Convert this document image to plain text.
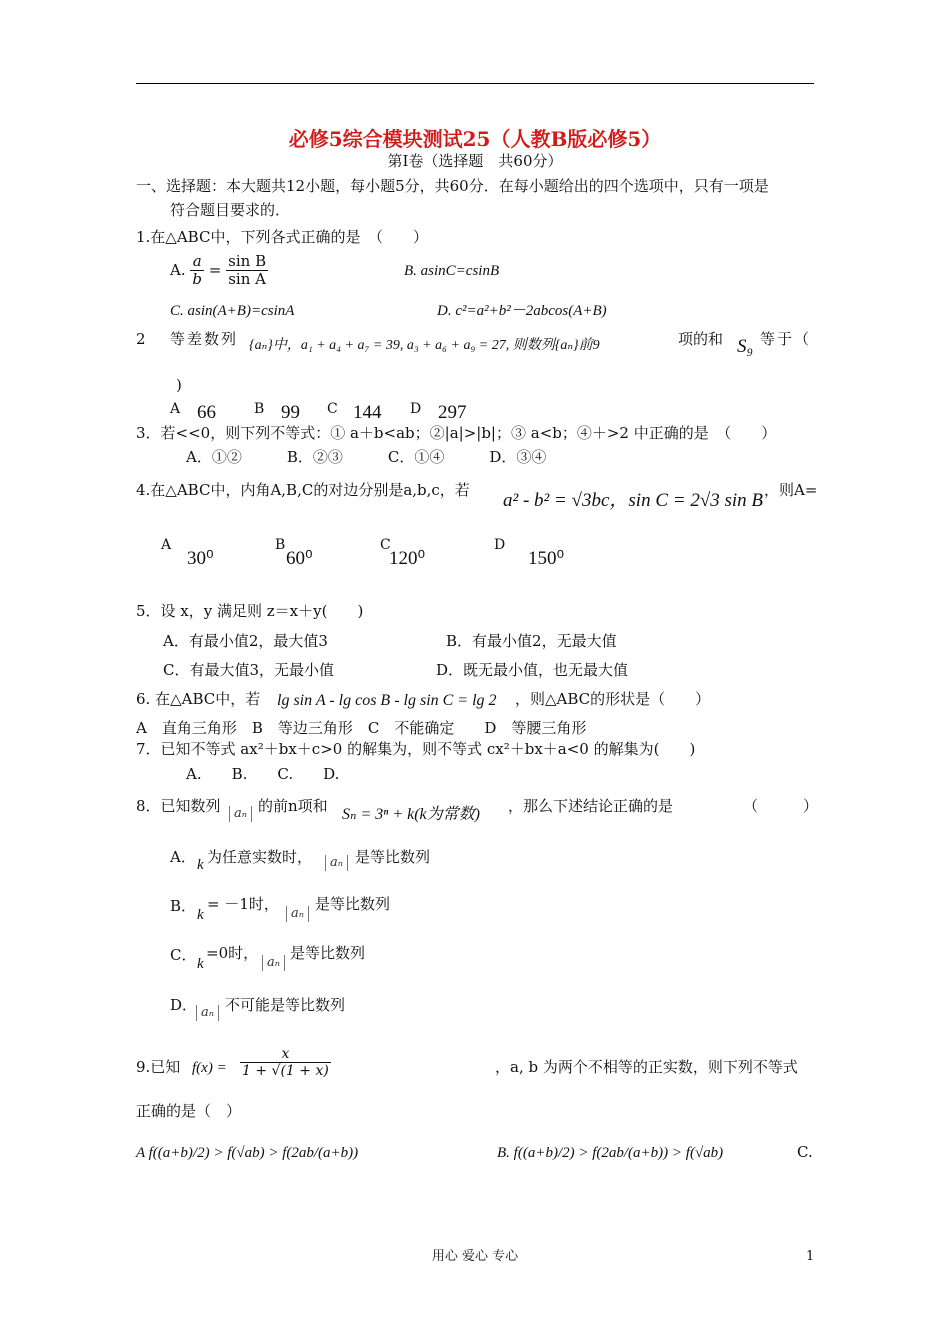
必修5综合模块测试25（人教B版必修5）
第Ⅰ卷（选择题　共60分）
一、选择题：本大题共12小题，每小题5分，共60分．在每小题给出的四个选项中，只有一项是
符合题目要求的．
1.在△ABC中，下列各式正确的是　（　　）
A. $\frac{a}{b} = \frac{\text{sin B}}{\text{sin A}}$	B. asinC=csinB
C. asin(A+B)=csinA	D. c²=a²+b²－2abcos(A+B)
2 等差数列 {aₙ}中，a₁ + a₄ + a₇ = 39, a₃ + a₆ + a₉ = 27, 则数列{aₙ}前9	项的和 S₉ 等于（
)
A 66	B 99 C 144 D 297
3．若<<0，则下列不等式：① a＋b<ab；②|a|>|b|；③ a<b；④＋>2 中正确的是　（　　）
A．①②　　　B．②③　　　C．①④　　　D．③④
4.在△ABC中，内角A,B,C的对边分别是a,b,c，若 a² - b² = √3bc，sin C = 2√3 sin B ，则A=
A
30⁰
B
60⁰
C
120⁰
D
150⁰
5．设 x，y 满足则 z＝x＋y(　　)
A．有最小值2，最大值3	B．有最小值2，无最大值
C．有最大值3，无最小值	D．既无最小值，也无最大值
6. 在△ABC中，若 lg sin A - lg cos B - lg sin C = lg 2 ，则△ABC的形状是（　　）
A　直角三角形　B　等边三角形　C　不能确定　　D　等腰三角形
7．已知不等式 ax²＋bx＋c>0 的解集为，则不等式 cx²＋bx＋a<0 的解集为(　　)
A.　　B.　　C.　　D.
8．已知数列	aₙ 的前n项和 Sₙ = 3ⁿ + k(k为常数) ，那么下述结论正确的是	（　　　）
A． k 为任意实数时，	aₙ 是等比数列
B． k
= －1时，
aₙ
是等比数列
C． k
=0时，
aₙ
是等比数列
D． aₙ 不可能是等比数列
9.已知 $f(x) = \frac{x}{1 + √(1 + x)}$	，a, b 为两个不相等的正实数，则下列不等式
正确的是（　）
A f((a+b)/2) > f(√ab) > f(2ab/(a+b))	B. f((a+b)/2) > f(2ab/(a+b)) > f(√ab)	C.
用心 爱心 专心	1
